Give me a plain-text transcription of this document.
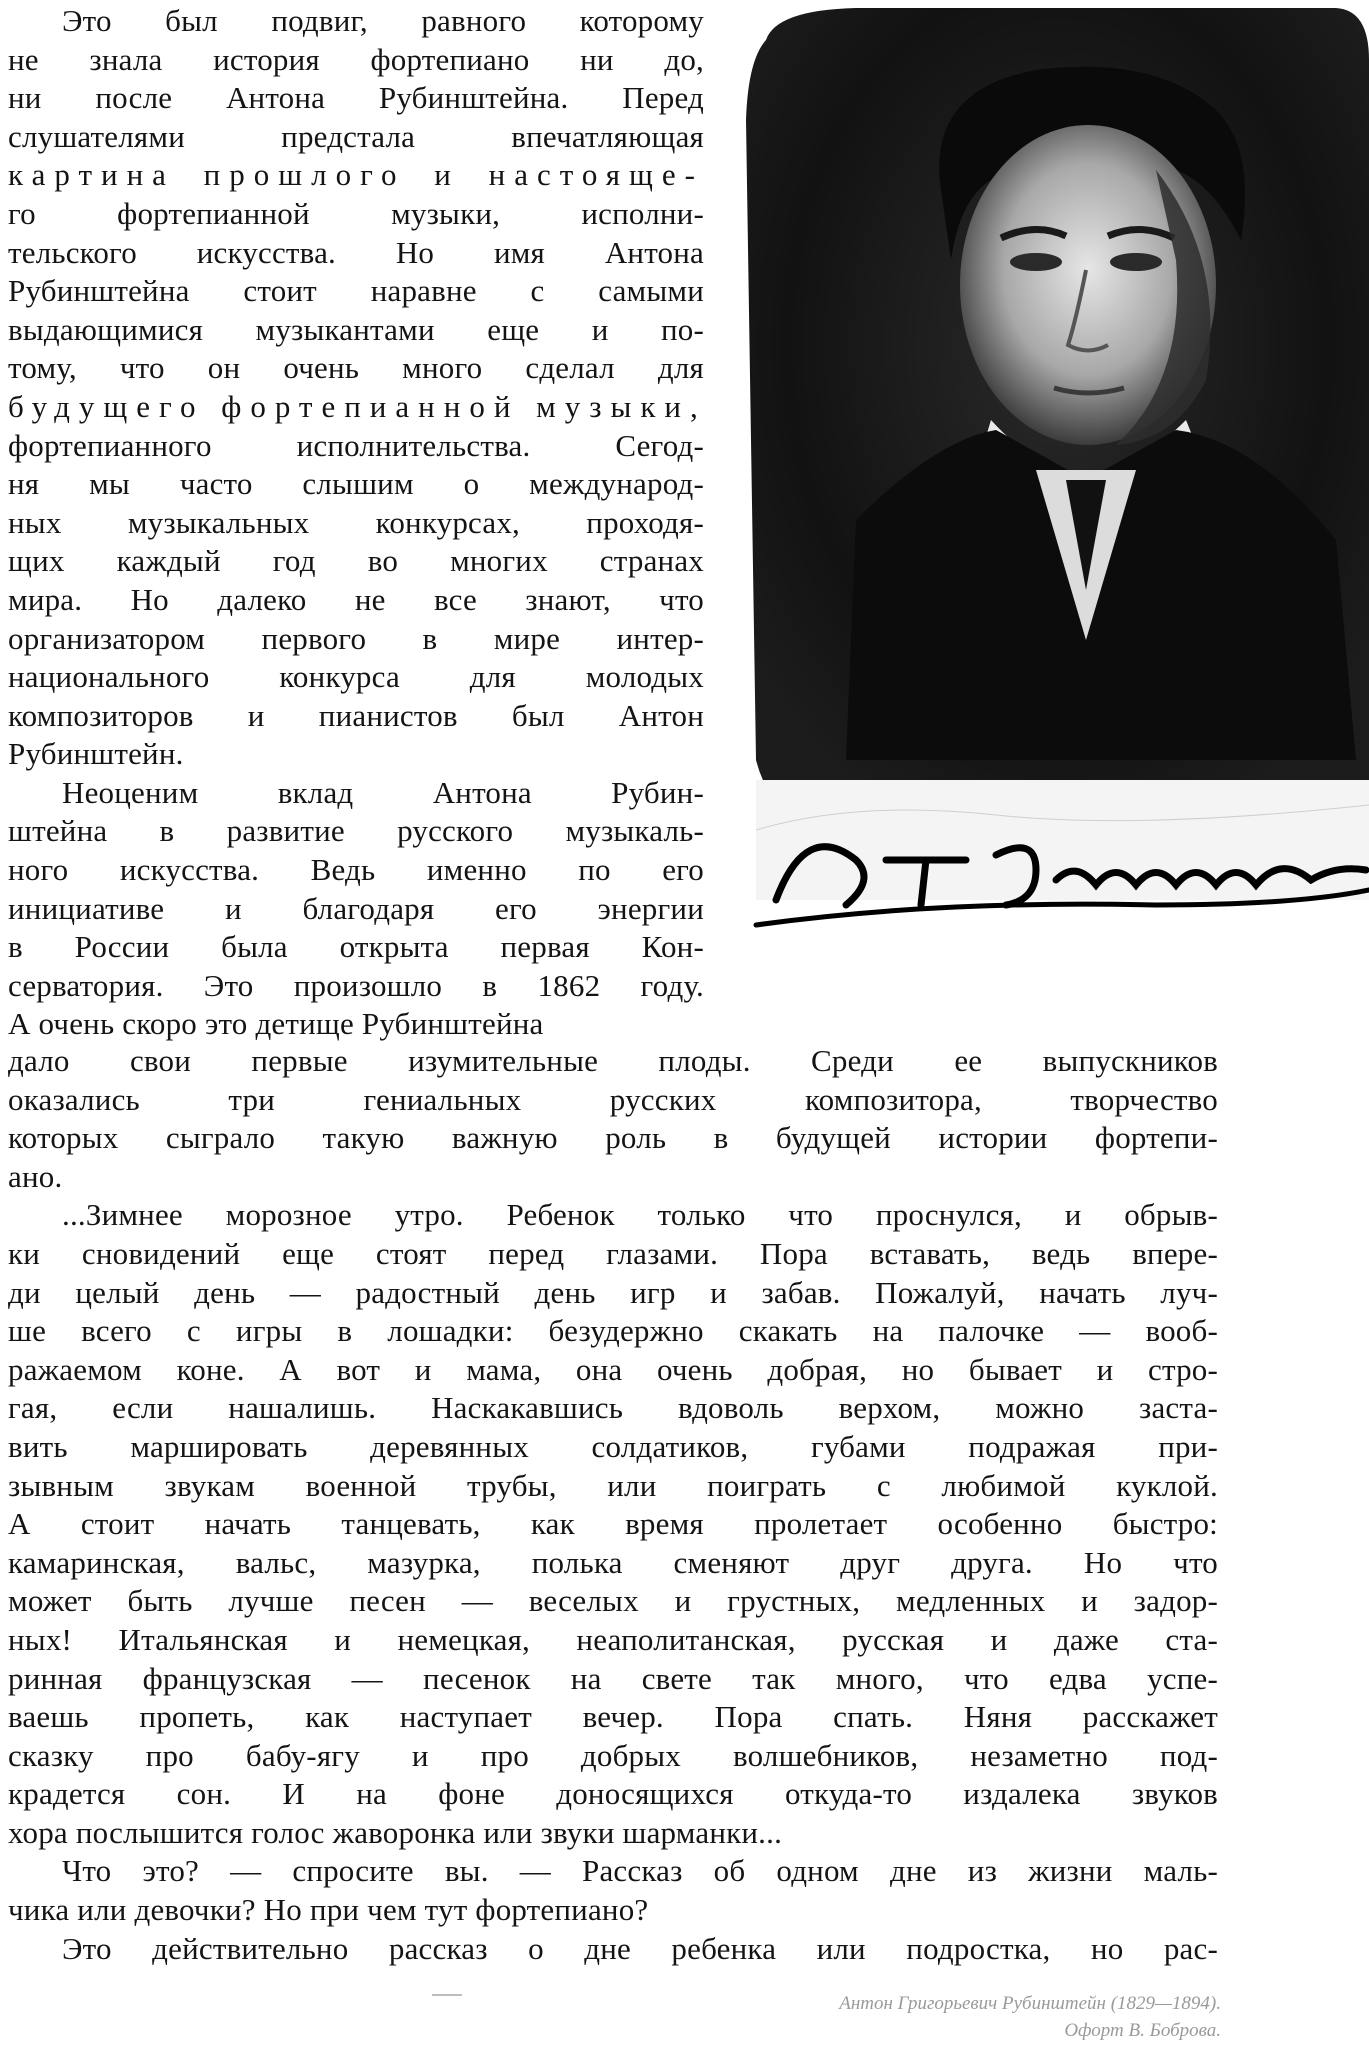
Это был подвиг, равного которому
не знала история фортепиано ни до,
ни после Антона Рубинштейна. Перед
слушателями предстала впечатляющая
картина прошлого и настояще-
го фортепианной музыки, исполни-
тельского искусства. Но имя Антона
Рубинштейна стоит наравне с самыми
выдающимися музыкантами еще и по-
тому, что он очень много сделал для
будущего фортепианной музыки,
фортепианного исполнительства. Сегод-
ня мы часто слышим о международ-
ных музыкальных конкурсах, проходя-
щих каждый год во многих странах
мира. Но далеко не все знают, что
организатором первого в мире интер-
национального конкурса для молодых
композиторов и пианистов был Антон
Рубинштейн.
Неоценим вклад Антона Рубин-
штейна в развитие русского музыкаль-
ного искусства. Ведь именно по его
инициативе и благодаря его энергии
в России была открыта первая Кон-
серватория. Это произошло в 1862 году.
А очень скоро это детище Рубинштейна
дало свои первые изумительные плоды. Среди ее выпускников
оказались три гениальных русских композитора, творчество
которых сыграло такую важную роль в будущей истории фортепи-
ано.
...Зимнее морозное утро. Ребенок только что проснулся, и обрыв-
ки сновидений еще стоят перед глазами. Пора вставать, ведь впере-
ди целый день — радостный день игр и забав. Пожалуй, начать луч-
ше всего с игры в лошадки: безудержно скакать на палочке — вооб-
ражаемом коне. А вот и мама, она очень добрая, но бывает и стро-
гая, если нашалишь. Наскакавшись вдоволь верхом, можно заста-
вить маршировать деревянных солдатиков, губами подражая при-
зывным звукам военной трубы, или поиграть с любимой куклой.
А стоит начать танцевать, как время пролетает особенно быстро:
камаринская, вальс, мазурка, полька сменяют друг друга. Но что
может быть лучше песен — веселых и грустных, медленных и задор-
ных! Итальянская и немецкая, неаполитанская, русская и даже ста-
ринная французская — песенок на свете так много, что едва успе-
ваешь пропеть, как наступает вечер. Пора спать. Няня расскажет
сказку про бабу-ягу и про добрых волшебников, незаметно под-
крадется сон. И на фоне доносящихся откуда-то издалека звуков
хора послышится голос жаворонка или звуки шарманки...
Что это? — спросите вы. — Рассказ об одном дне из жизни маль-
чика или девочки? Но при чем тут фортепиано?
Это действительно рассказ о дне ребенка или подростка, но рас-
Антон Григорьевич Рубинштейн (1829—1894).
Офорт В. Боброва.
